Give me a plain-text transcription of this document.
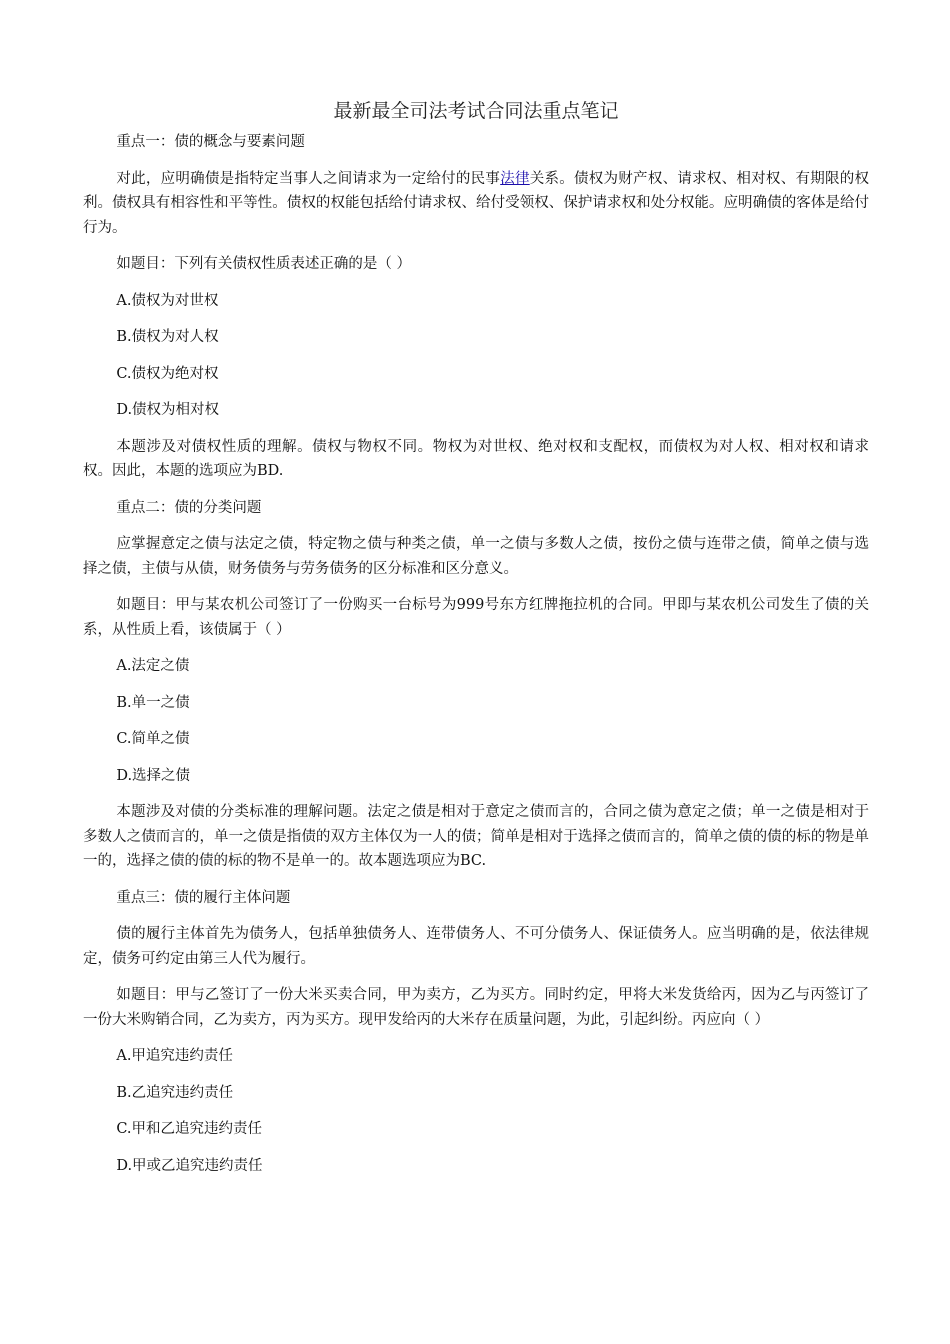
最新最全司法考试合同法重点笔记

重点一：债的概念与要素问题

对此，应明确债是指特定当事人之间请求为一定给付的民事法律关系。债权为财产权、请求权、相对权、有期限的权利。债权具有相容性和平等性。债权的权能包括给付请求权、给付受领权、保护请求权和处分权能。应明确债的客体是给付行为。

如题目：下列有关债权性质表述正确的是（ ）

A.债权为对世权

B.债权为对人权

C.债权为绝对权

D.债权为相对权

本题涉及对债权性质的理解。债权与物权不同。物权为对世权、绝对权和支配权，而债权为对人权、相对权和请求权。因此，本题的选项应为BD.

重点二：债的分类问题

应掌握意定之债与法定之债，特定物之债与种类之债，单一之债与多数人之债，按份之债与连带之债，简单之债与选择之债，主债与从债，财务债务与劳务债务的区分标准和区分意义。

如题目：甲与某农机公司签订了一份购买一台标号为999号东方红牌拖拉机的合同。甲即与某农机公司发生了债的关系，从性质上看，该债属于（ ）

A.法定之债

B.单一之债

C.简单之债

D.选择之债

本题涉及对债的分类标准的理解问题。法定之债是相对于意定之债而言的，合同之债为意定之债；单一之债是相对于多数人之债而言的，单一之债是指债的双方主体仅为一人的债；简单是相对于选择之债而言的，简单之债的债的标的物是单一的，选择之债的债的标的物不是单一的。故本题选项应为BC.

重点三：债的履行主体问题

债的履行主体首先为债务人，包括单独债务人、连带债务人、不可分债务人、保证债务人。应当明确的是，依法律规定，债务可约定由第三人代为履行。

如题目：甲与乙签订了一份大米买卖合同，甲为卖方，乙为买方。同时约定，甲将大米发货给丙，因为乙与丙签订了一份大米购销合同，乙为卖方，丙为买方。现甲发给丙的大米存在质量问题，为此，引起纠纷。丙应向（ ）

A.甲追究违约责任

B.乙追究违约责任

C.甲和乙追究违约责任

D.甲或乙追究违约责任
